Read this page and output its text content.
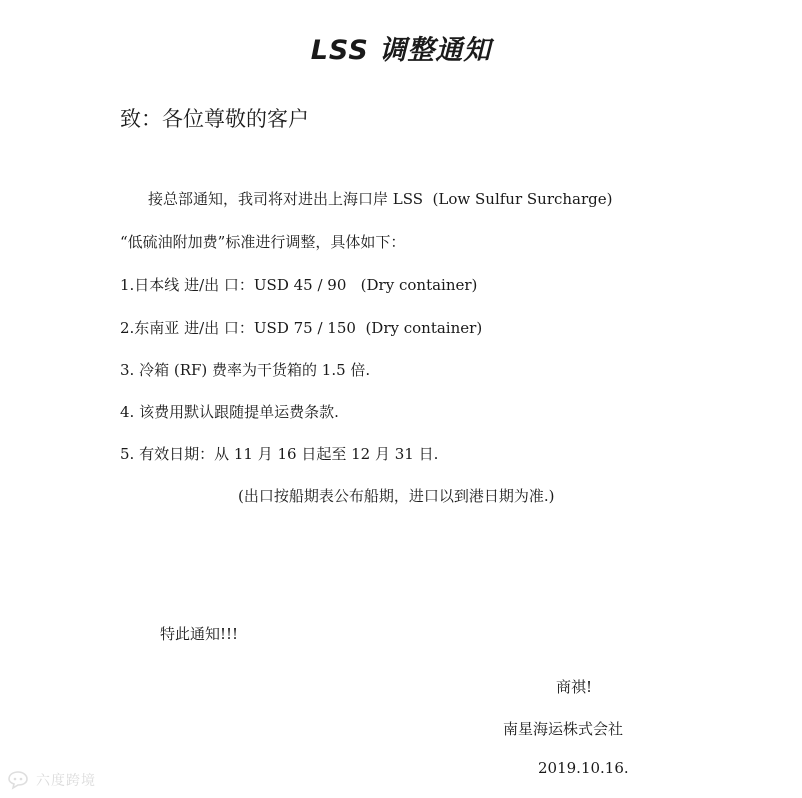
LSS 调整通知

致：各位尊敬的客户

接总部通知，我司将对进出上海口岸 LSS  (Low Sulfur Surcharge)

“低硫油附加费”标准进行调整，具体如下：

1.日本线 进/出 口：USD 45 / 90   (Dry container)

2.东南亚 进/出 口：USD 75 / 150  (Dry container)

3. 冷箱 (RF) 费率为干货箱的 1.5 倍.

4. 该费用默认跟随提单运费条款.

5. 有效日期：从 11 月 16 日起至 12 月 31 日.

(出口按船期表公布船期，进口以到港日期为准.)

特此通知!!!

商祺!

南星海运株式会社

2019.10.16.

六度跨境
